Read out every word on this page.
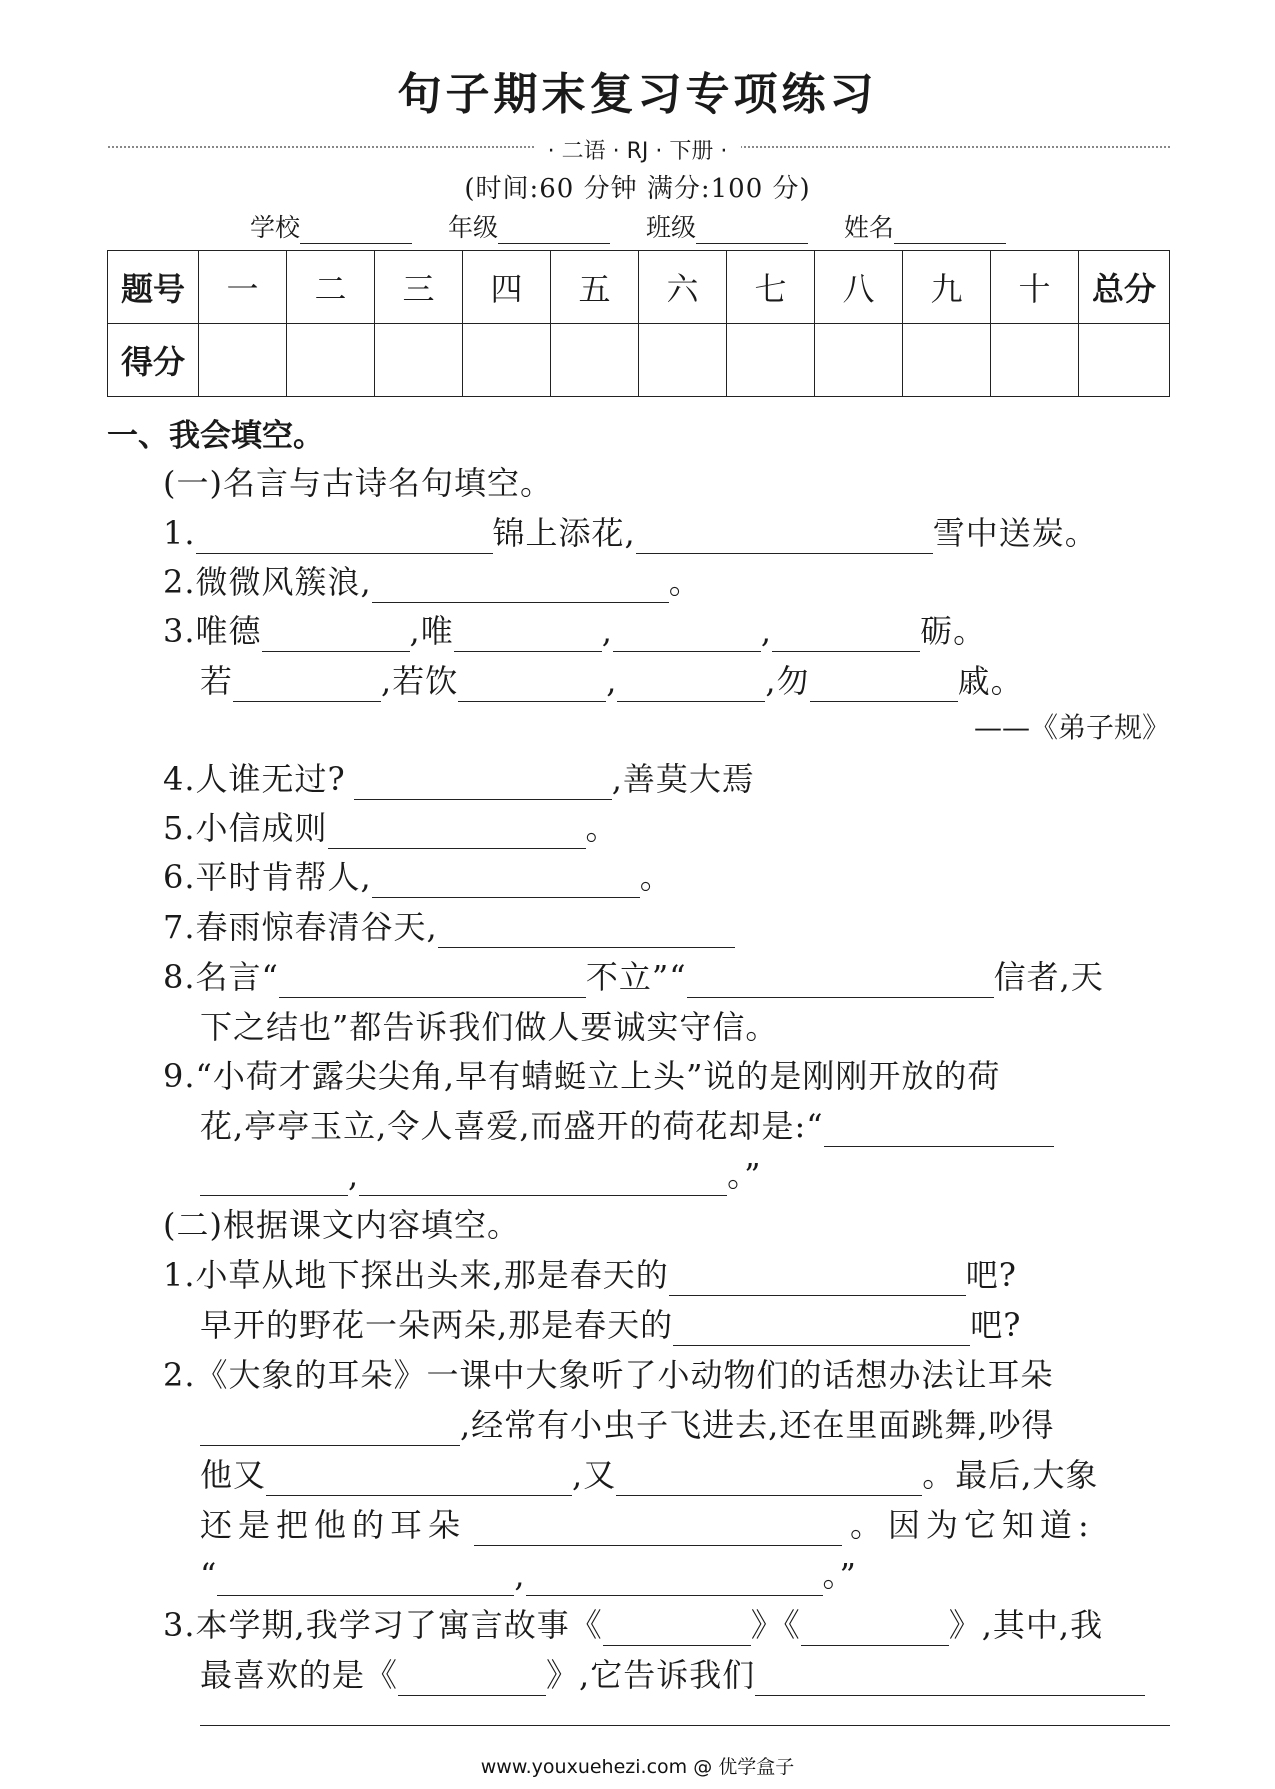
句子期末复习专项练习
· 二语 · RJ · 下册 ·
(时间:60 分钟 满分:100 分)
学校	年级	班级	姓名
题号	一	二	三	四	五	六	七	八	九	十	总分
得分											
一、我会填空。
(一)名言与古诗名句填空。
1.	锦上添花,	雪中送炭。
2.微微风簇浪,	。
3.唯德	,唯	,	,	砺。
若	,若饮	,	,勿	戚。
——《弟子规》
4.人谁无过?	,善莫大焉
5.小信成则	。
6.平时肯帮人,	。
7.春雨惊春清谷天,
8.名言“	不立”“	信者,天
下之结也”都告诉我们做人要诚实守信。
9.“小荷才露尖尖角,早有蜻蜓立上头”说的是刚刚开放的荷
花,亭亭玉立,令人喜爱,而盛开的荷花却是:“
,	。”
(二)根据课文内容填空。
1.小草从地下探出头来,那是春天的	吧?
早开的野花一朵两朵,那是春天的	吧?
2.《大象的耳朵》一课中大象听了小动物们的话想办法让耳朵
,经常有小虫子飞进去,还在里面跳舞,吵得
他又	,又	。最后,大象
还是把他的耳朵	。因为它知道:
“	,	。”
3.本学期,我学习了寓言故事《	》《	》,其中,我
最喜欢的是《	》,它告诉我们
www.youxuehezi.com @ 优学盒子
